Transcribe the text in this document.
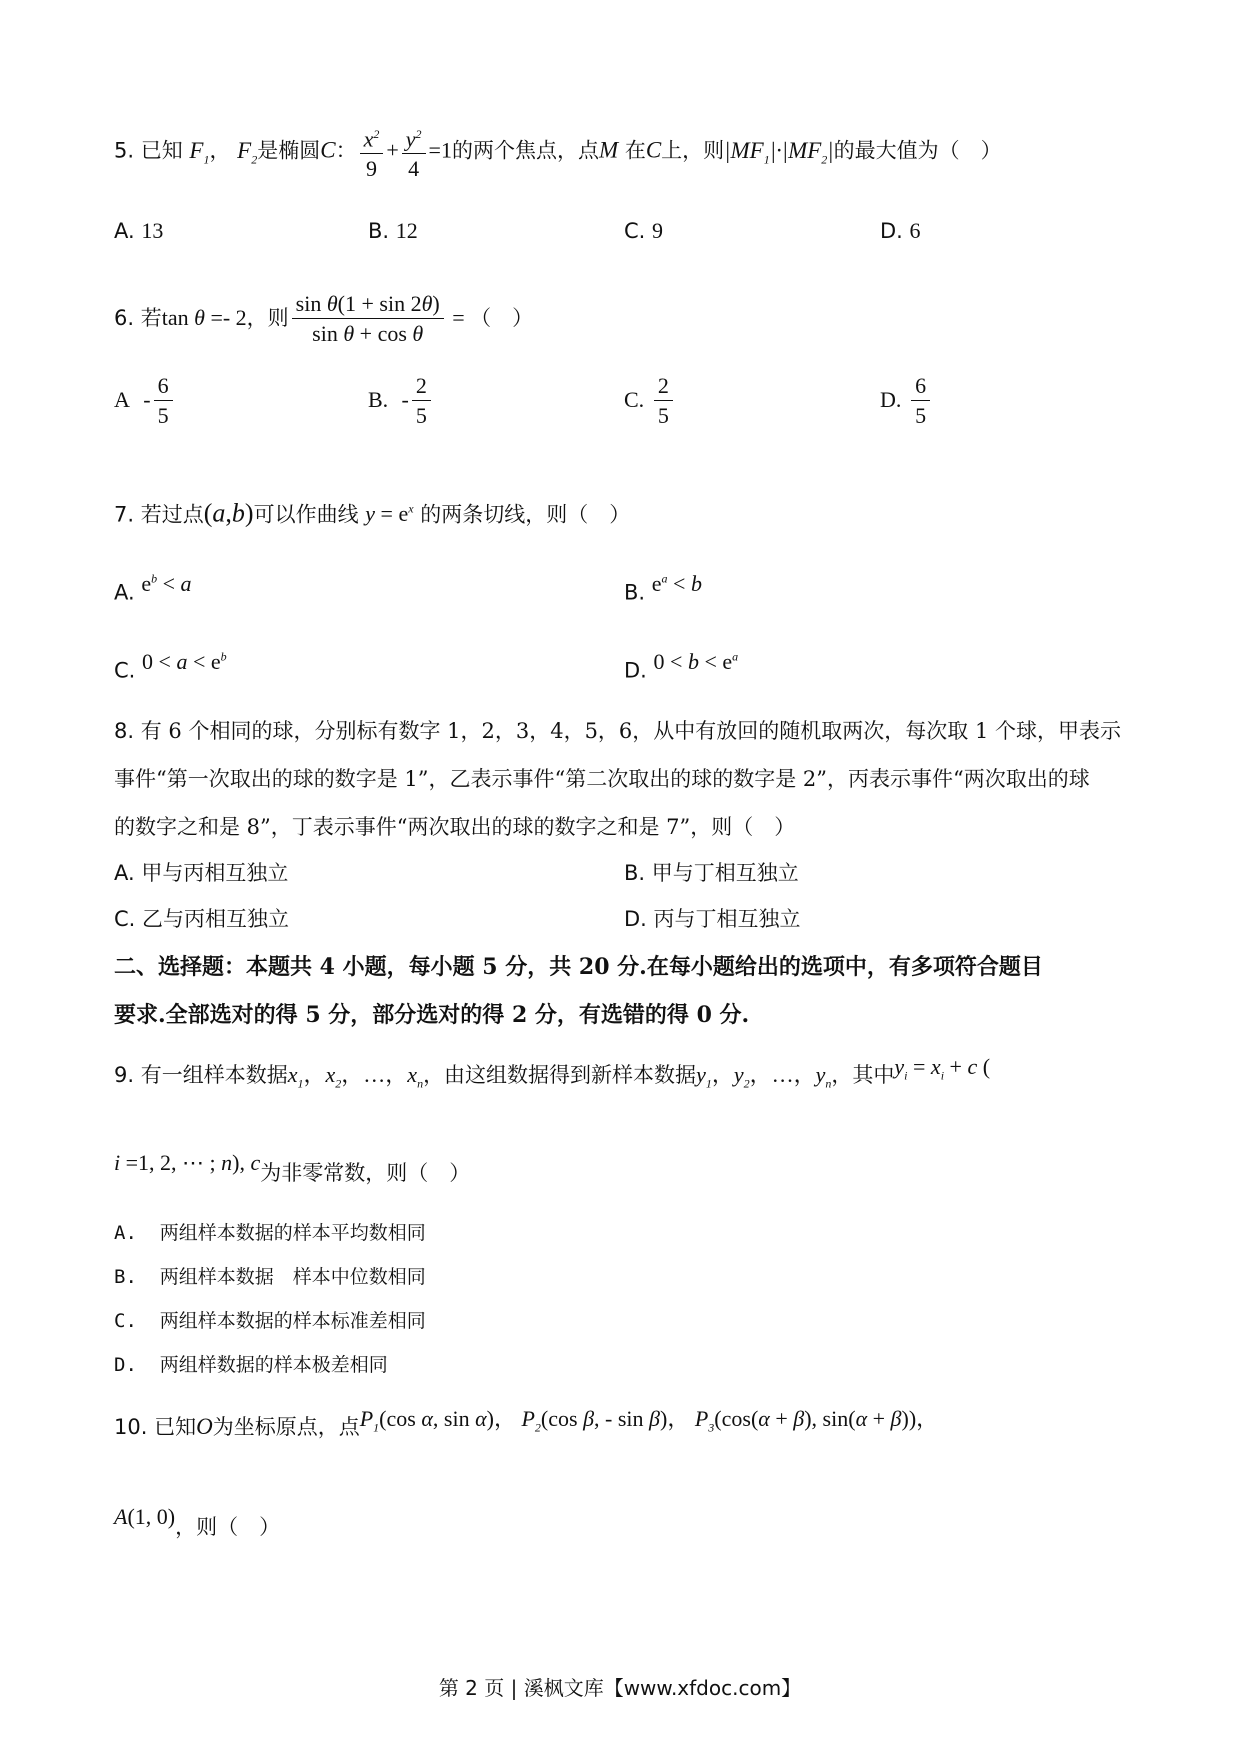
5. 已知 $F_1$， $F_2$是椭圆C： $\frac{x^2}{9} + \frac{y^2}{4} =1$的两个焦点，点M 在C上，则$|MF_1|\cdot|MF_2|$的最大值为（　）
A. 13	B. 12	C. 9	D. 6
6. 若tan θ =- 2，则 $\frac{\text{sin θ(1 + sin 2θ)}}{\text{sin θ + cos θ}}$ = （　）
A - $\frac{6}{5}$	B. - $\frac{2}{5}$	C. $\frac{2}{5}$	D. $\frac{6}{5}$
7. 若过点(a,b)可以作曲线 $y = e^x$ 的两条切线，则（　）
A. $e^b < a$	B. $e^a < b$
C. $0 < a < e^b$
D. $0 < b < e^a$
8. 有 6 个相同的球，分别标有数字 1，2，3，4，5，6，从中有放回的随机取两次，每次取 1 个球，甲表示
事件“第一次取出的球的数字是 1”，乙表示事件“第二次取出的球的数字是 2”，丙表示事件“两次取出的球
的数字之和是 8”，丁表示事件“两次取出的球的数字之和是 7”，则（　）
A. 甲与丙相互独立	B. 甲与丁相互独立
C. 乙与丙相互独立	D. 丙与丁相互独立
二、选择题：本题共 4 小题，每小题 5 分，共 20 分.在每小题给出的选项中，有多项符合题目
要求.全部选对的得 5 分，部分选对的得 2 分，有选错的得 0 分.
9. 有一组样本数据$x_1$，$x_2$，…，$x_n$，由这组数据得到新样本数据$y_1$，$y_2$，…，$y_n$，其中$y_i = x_i + c$ (
i =1, 2, ⋯ ; n), c为非零常数，则（　）
A. 两组样本数据的样本平均数相同
B. 两组样本数据　样本中位数相同
C. 两组样本数据的样本标准差相同
D. 两组样数据的样本极差相同
10. 已知O为坐标原点，点$P_1(\cos$ α, sin α)， $P_2(\cos$ β, - sin β)， $P_3(\cos(\alpha + \beta)$, sin(α + β))，
A(1, 0)，则（　）
第 2 页 | 溪枫文库【www.xfdoc.com】
